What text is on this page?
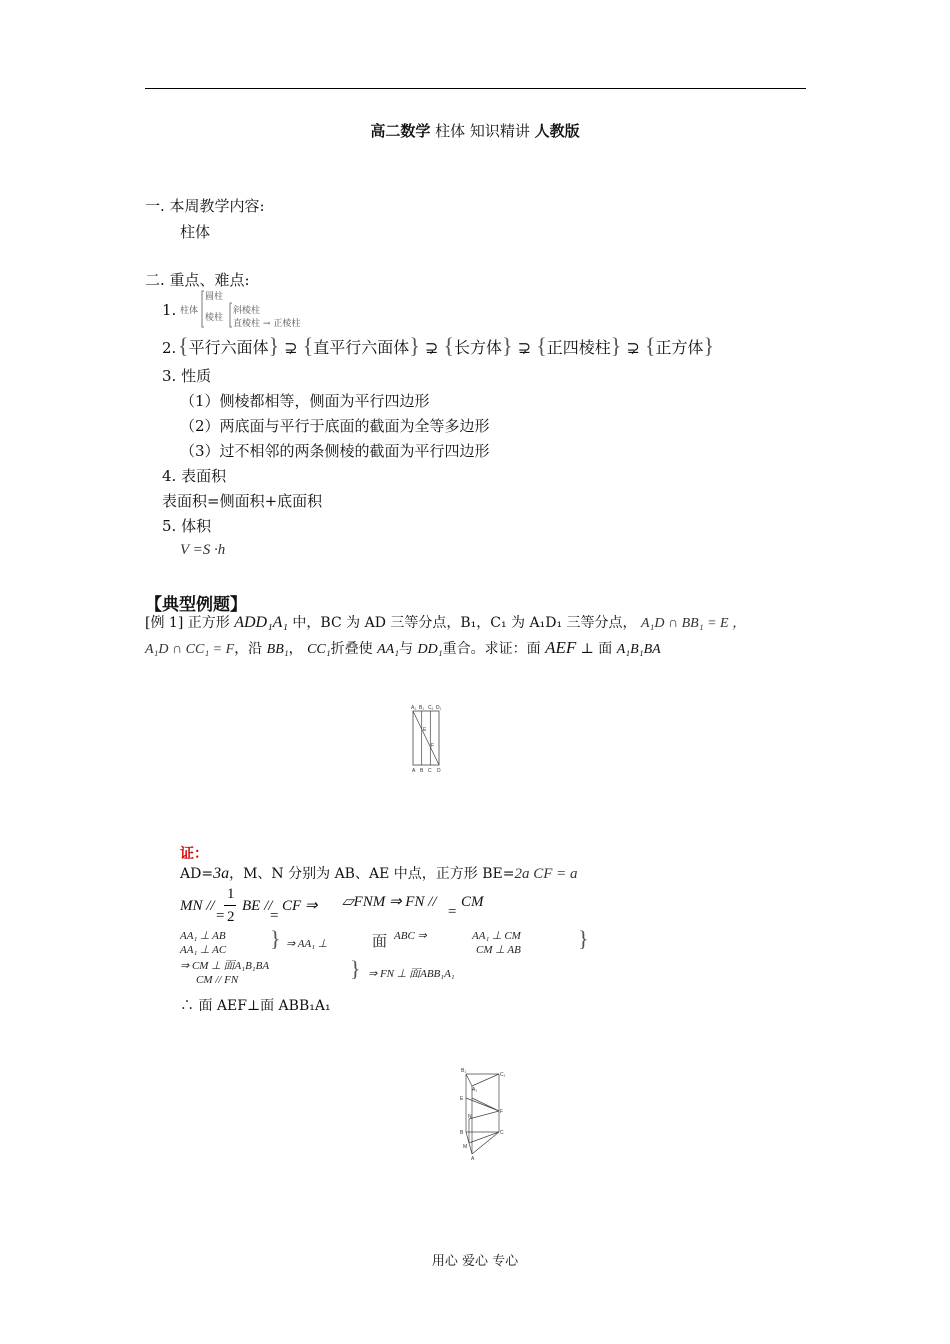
高二数学 柱体 知识精讲 人教版
一. 本周教学内容:
柱体
二. 重点、难点:
1. 柱体
圆柱
棱柱
斜棱柱
直棱柱 → 正棱柱
2. {平行六面体} ⊋ {直平行六面体} ⊋ {长方体} ⊋ {正四棱柱} ⊋ {正方体}
3. 性质
（1）侧棱都相等，侧面为平行四边形
（2）两底面与平行于底面的截面为全等多边形
（3）过不相邻的两条侧棱的截面为平行四边形
4. 表面积
表面积=侧面积+底面积
5. 体积
V =S ·h
【典型例题】
[例 1] 正方形 ADD₁A₁ 中，BC 为 AD 三等分点，B₁，C₁ 为 A₁D₁ 三等分点， A₁D ∩ BB₁ = E ，
A₁D ∩ CC₁ = F，沿 BB₁， CC₁折叠使 AA₁与 DD₁重合。求证：面 AEF ⊥ 面 A₁B₁BA
A₁ B₁ C₁ D₁
E
F
A B C D
证：
AD=3a，M、N 分别为 AB、AE 中点，正方形 BE=2a CF = a
MN //
1
2
=
BE //
=
CF ⇒ ▱FNM ⇒ FN //
=
CM
AA₁ ⊥ AB
AA₁ ⊥ AC } ⇒ AA₁ ⊥	面 ABC ⇒	AA₁ ⊥ CM
CM ⊥ AB	}
⇒ CM ⊥ 面A₁B₁BA
CM // FN	} ⇒ FN ⊥ 面ABB₁A₁
∴ 面 AEF⊥面 ABB₁A₁
B₁
C₁
A₁
E
N
F
B	C
M
A
用心 爱心 专心
